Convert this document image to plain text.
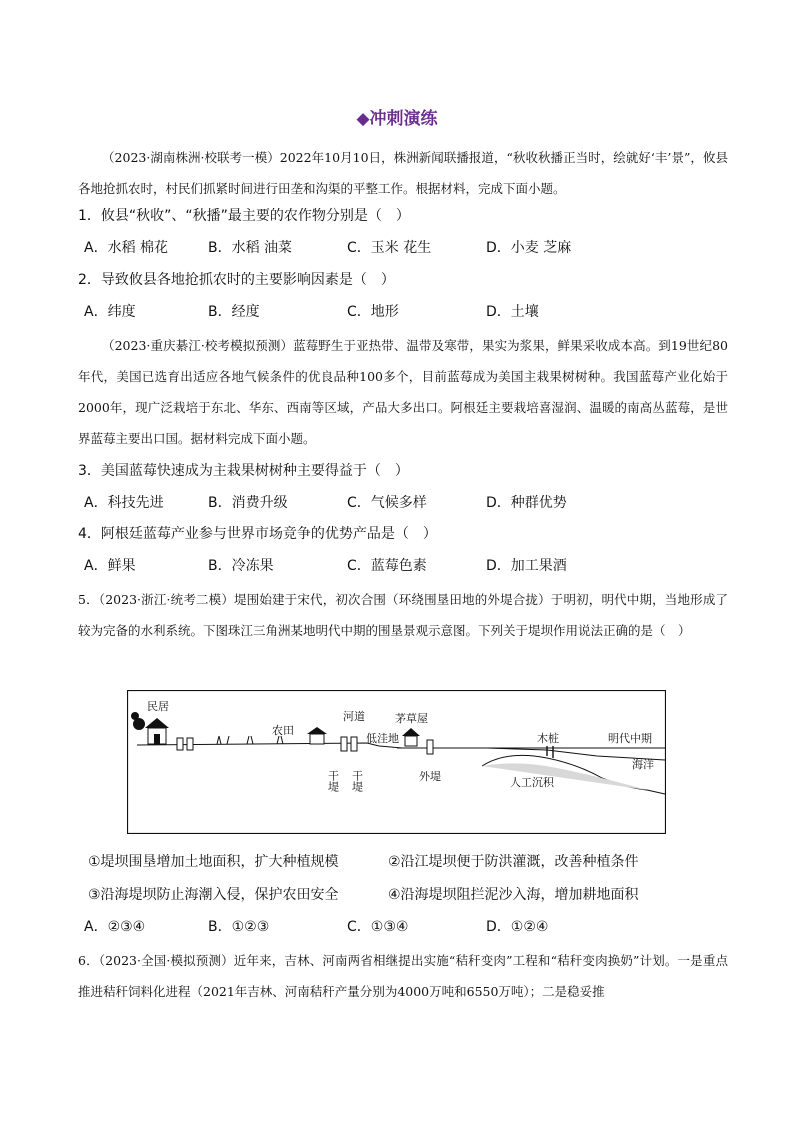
◆冲刺演练
（2023·湖南株洲·校联考一模）2022年10月10日，株洲新闻联播报道，“秋收秋播正当时，绘就好‘丰’景”，攸县各地抢抓农时，村民们抓紧时间进行田垄和沟渠的平整工作。根据材料，完成下面小题。
1．攸县“秋收”、“秋播”最主要的农作物分别是（　）
A．水稻 棉花	B．水稻 油菜	C．玉米 花生	D．小麦 芝麻
2．导致攸县各地抢抓农时的主要影响因素是（　）
A．纬度	B．经度	C．地形	D．土壤
（2023·重庆綦江·校考模拟预测）蓝莓野生于亚热带、温带及寒带，果实为浆果，鲜果采收成本高。到19世纪80年代，美国已选育出适应各地气候条件的优良品种100多个，目前蓝莓成为美国主栽果树树种。我国蓝莓产业化始于2000年，现广泛栽培于东北、华东、西南等区域，产品大多出口。阿根廷主要栽培喜湿润、温暖的南高丛蓝莓，是世界蓝莓主要出口国。据材料完成下面小题。
3．美国蓝莓快速成为主栽果树树种主要得益于（　）
A．科技先进	B．消费升级	C．气候多样	D．种群优势
4．阿根廷蓝莓产业参与世界市场竞争的优势产品是（　）
A．鲜果	B．冷冻果	C．蓝莓色素	D．加工果酒
5．（2023·浙江·统考二模）堤围始建于宋代，初次合围（环绕围垦田地的外堤合拢）于明初，明代中期，当地形成了较为完备的水利系统。下图珠江三角洲某地明代中期的围垦景观示意图。下列关于堤坝作用说法正确的是（　）
民居
农田
河道
低洼地
茅草屋
木桩	明代中期
海洋
外堤	人工沉积
干堤 干堤
①堤坝围垦增加土地面积，扩大种植规模	②沿江堤坝便于防洪灌溉，改善种植条件
③沿海堤坝防止海潮入侵，保护农田安全	④沿海堤坝阻拦泥沙入海，增加耕地面积
A．②③④	B．①②③	C．①③④	D．①②④
6．（2023·全国·模拟预测）近年来，吉林、河南两省相继提出实施“秸秆变肉”工程和“秸秆变肉换奶”计划。一是重点推进秸秆饲料化进程（2021年吉林、河南秸秆产量分别为4000万吨和6550万吨）；二是稳妥推
